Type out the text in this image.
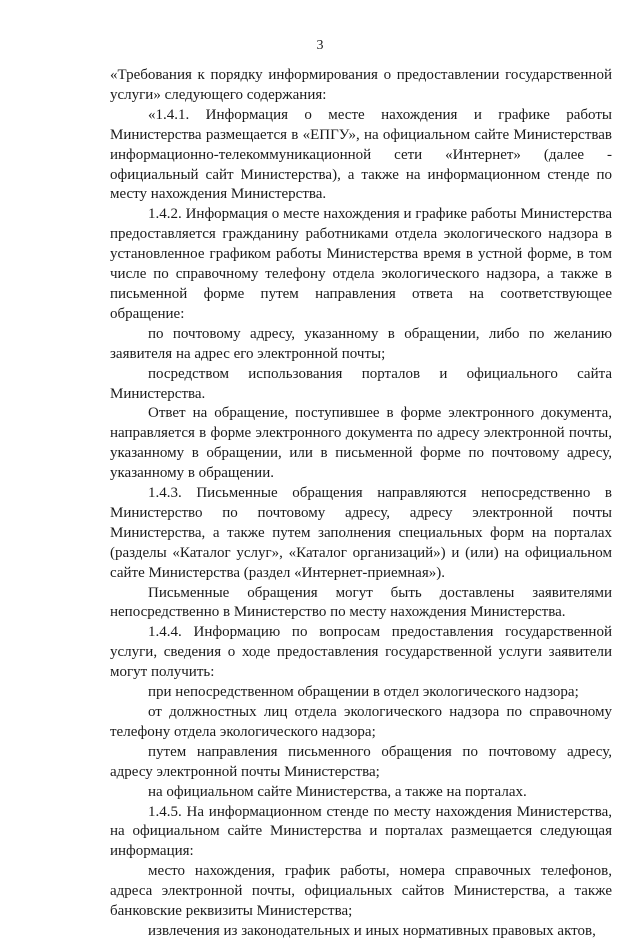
3

«Требования к порядку информирования о предоставлении государственной услуги» следующего содержания:

«1.4.1. Информация о месте нахождения и графике работы Министерства размещается в «ЕПГУ», на официальном сайте Министерствав информационно-телекоммуникационной сети «Интернет» (далее - официальный сайт Министерства), а также на информационном стенде по месту нахождения Министерства.

1.4.2. Информация о месте нахождения и графике работы Министерства предоставляется гражданину работниками отдела экологического надзора в установленное графиком работы Министерства время в устной форме, в том числе по справочному телефону отдела экологического надзора, а также в письменной форме путем направления ответа на соответствующее обращение:

по почтовому адресу, указанному в обращении, либо по желанию заявителя на адрес его электронной почты;

посредством использования порталов и официального сайта Министерства.

Ответ на обращение, поступившее в форме электронного документа, направляется в форме электронного документа по адресу электронной почты, указанному в обращении, или в письменной форме по почтовому адресу, указанному в обращении.

1.4.3. Письменные обращения направляются непосредственно в Министерство по почтовому адресу, адресу электронной почты Министерства, а также путем заполнения специальных форм на порталах (разделы «Каталог услуг», «Каталог организаций») и (или) на официальном сайте Министерства (раздел «Интернет-приемная»).

Письменные обращения могут быть доставлены заявителями непосредственно в Министерство по месту нахождения Министерства.

1.4.4. Информацию по вопросам предоставления государственной услуги, сведения о ходе предоставления государственной услуги заявители могут получить:

при непосредственном обращении в отдел экологического надзора;

от должностных лиц отдела экологического надзора по справочному телефону отдела экологического надзора;

путем направления письменного обращения по почтовому адресу, адресу электронной почты Министерства;

на официальном сайте Министерства, а также на порталах.

1.4.5. На информационном стенде по месту нахождения Министерства, на официальном сайте Министерства и порталах размещается следующая информация:

место нахождения, график работы, номера справочных телефонов, адреса электронной почты, официальных сайтов Министерства, а также банковские реквизиты Министерства;

извлечения из законодательных и иных нормативных правовых актов,
